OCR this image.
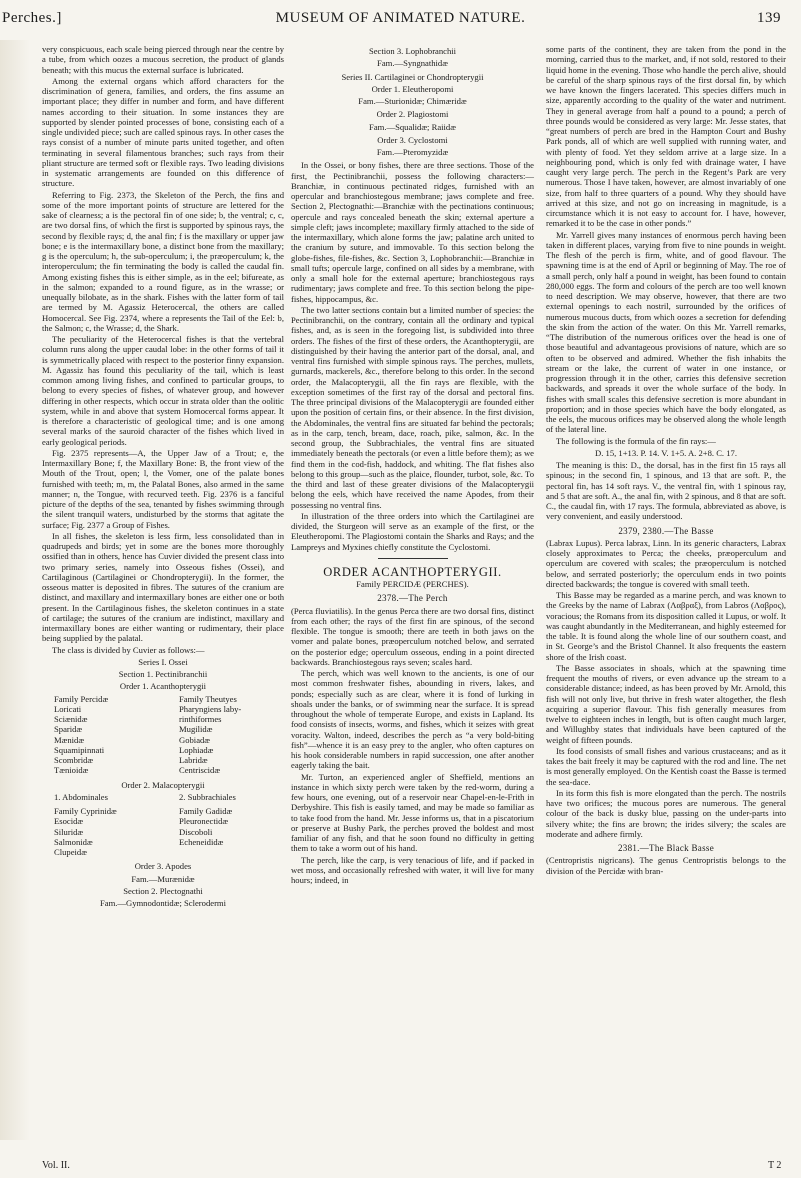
Perches.]	MUSEUM OF ANIMATED NATURE.	139

very conspicuous, each scale being pierced through near the centre by a tube, from which oozes a mucous secretion, the product of glands beneath; with this mucus the external surface is lubricated.

Among the external organs which afford characters for the discrimination of genera, families, and orders, the fins assume an important place; they differ in number and form, and have different names according to their situation. In some instances they are supported by slender pointed processes of bone, consisting each of a single undivided piece; such are called spinous rays. In other cases the rays consist of a number of minute parts united together, and often terminating in several filamentous branches; such rays from their pliant structure are termed soft or flexible rays. Two leading divisions in systematic arrangements are founded on this difference of structure.

Referring to Fig. 2373, the Skeleton of the Perch, the fins and some of the more important points of structure are lettered for the sake of clearness; a is the pectoral fin of one side; b, the ventral; c, c, are two dorsal fins, of which the first is supported by spinous rays, the second by flexible rays; d, the anal fin; f is the maxillary or upper jaw bone; e is the intermaxillary bone, a distinct bone from the maxillary; g is the operculum; h, the sub-operculum; i, the præoperculum; k, the interoperculum; the fin terminating the body is called the caudal fin. Among existing fishes this is either simple, as in the eel; bifureate, as in the salmon; expanded to a round figure, as in the wrasse; or unequally bilobate, as in the shark. Fishes with the latter form of tail are termed by M. Agassiz Heterocercal, the others are called Homocercal. See Fig. 2374, where a represents the Tail of the Eel: b, the Salmon; c, the Wrasse; d, the Shark.

The peculiarity of the Heterocercal fishes is that the vertebral column runs along the upper caudal lobe: in the other forms of tail it is symmetrically placed with respect to the posterior finny expansion. M. Agassiz has found this peculiarity of the tail, which is least common among living fishes, and confined to particular groups, to belong to every species of fishes, of whatever group, and however differing in other respects, which occur in strata older than the oolitic system, while in and above that system Homocercal forms appear. It is therefore a characteristic of geological time; and is one among several marks of the sauroid character of the fishes which lived in early geological periods.

Fig. 2375 represents—A, the Upper Jaw of a Trout; e, the Intermaxillary Bone; f, the Maxillary Bone: B, the front view of the Mouth of the Trout, open; l, the Vomer, one of the palate bones furnished with teeth; m, m, the Palatal Bones, also armed in the same manner; n, the Tongue, with recurved teeth. Fig. 2376 is a fanciful picture of the depths of the sea, tenanted by fishes swimming through the silent tranquil waters, undisturbed by the storms that agitate the surface; Fig. 2377 a Group of Fishes.

In all fishes, the skeleton is less firm, less consolidated than in quadrupeds and birds; yet in some are the bones more thoroughly ossified than in others, hence has Cuvier divided the present class into two primary series, namely into Osseous fishes (Ossei), and Cartilaginous (Cartilaginei or Chondropterygii). In the former, the osseous matter is deposited in fibres. The sutures of the cranium are distinct, and maxillary and intermaxillary bones are either one or both present. In the Cartilaginous fishes, the skeleton continues in a state of cartilage; the sutures of the cranium are indistinct, maxillary and intermaxillary bones are either wanting or rudimentary, their place being supplied by the palatal.

The class is divided by Cuvier as follows:—

Series I. Ossei
Section 1. Pectinibranchii
Order 1. Acanthopterygii
Family Percidæ	Family Theutyes
Loricati	Pharyngiens laby-
Sciænidæ	rinthiformes
Sparidæ	Mugilidæ
Mænidæ	Gobiadæ
Squamipinnati	Lophiadæ
Scombridæ	Labridæ
Tænioidæ	Centriscidæ
Order 2. Malacopterygii
1. Abdominales	2. Subbrachiales
Family Cyprinidæ	Family Gadidæ
Esocidæ	Pleuronectidæ
Siluridæ	Discoboli
Salmonidæ	Echeneididæ
Clupeidæ
Order 3. Apodes
Fam.—Murænidæ
Section 2. Plectognathi
Fam.—Gymnodontidæ; Sclerodermi
Section 3. Lophobranchii
Fam.—Syngnathidæ
Series II. Cartilaginei or Chondropterygii
Order 1. Eleutheropomi
Fam.—Sturionidæ; Chimæridæ
Order 2. Plagiostomi
Fam.—Squalidæ; Raiidæ
Order 3. Cyclostomi
Fam.—Pteromyzidæ

In the Ossei, or bony fishes, there are three sections. Those of the first, the Pectinibranchii, possess the following characters:—Branchiæ, in continuous pectinated ridges, furnished with an opercular and branchiostegous membrane; jaws complete and free. Section 2, Plectognathi:—Branchiæ with the pectinations continuous; opercule and rays concealed beneath the skin; external aperture a simple cleft; jaws incomplete; maxillary firmly attached to the side of the intermaxillary, which alone forms the jaw; palatine arch united to the cranium by suture, and immovable. To this section belong the globe-fishes, file-fishes, &c. Section 3, Lophobranchii:—Branchiæ in small tufts; opercule large, confined on all sides by a membrane, with only a small hole for the external aperture; branchiostegous rays rudimentary; jaws complete and free. To this section belong the pipe-fishes, hippocampus, &c.

The two latter sections contain but a limited number of species: the Pectinibranchii, on the contrary, contain all the ordinary and typical fishes, and, as is seen in the foregoing list, is subdivided into three orders. The fishes of the first of these orders, the Acanthopterygii, are distinguished by their having the anterior part of the dorsal, anal, and ventral fins furnished with simple spinous rays. The perches, mullets, gurnards, mackerels, &c., therefore belong to this order. In the second order, the Malacopterygii, all the fin rays are flexible, with the exception sometimes of the first ray of the dorsal and pectoral fins. The three principal divisions of the Malacopterygii are founded either upon the position of certain fins, or their absence. In the first division, the Abdominales, the ventral fins are situated far behind the pectorals; as in the carp, tench, bream, dace, roach, pike, salmon, &c. In the second group, the Subbrachiales, the ventral fins are situated immediately beneath the pectorals (or even a little before them); as we find them in the cod-fish, haddock, and whiting. The flat fishes also belong to this group—such as the plaice, flounder, turbot, sole, &c. To the third and last of these greater divisions of the Malacopterygii belong the eels, which have received the name Apodes, from their possessing no ventral fins.

In illustration of the three orders into which the Cartilaginei are divided, the Sturgeon will serve as an example of the first, or the Eleutheropomi. The Plagiostomi contain the Sharks and Rays; and the Lampreys and Myxines chiefly constitute the Cyclostomi.

ORDER ACANTHOPTERYGII.
Family PERCIDÆ (PERCHES).
2378.—The Perch

(Perca fluviatilis). In the genus Perca there are two dorsal fins, distinct from each other; the rays of the first fin are spinous, of the second flexible. The tongue is smooth; there are teeth in both jaws on the vomer and palate bones, præoperculum notched below, and serrated on the posterior edge; operculum osseous, ending in a point directed backwards. Branchiostegous rays seven; scales hard.

The perch, which was well known to the ancients, is one of our most common freshwater fishes, abounding in rivers, lakes, and ponds; especially such as are clear, where it is fond of lurking in shoals under the banks, or of swimming near the surface. It is spread throughout the whole of temperate Europe, and exists in Lapland. Its food consists of insects, worms, and fishes, which it seizes with great voracity. Walton, indeed, describes the perch as “a very bold-biting fish”—whence it is an easy prey to the angler, who often captures on his hook considerable numbers in rapid succession, one after another eagerly taking the bait.

Mr. Turton, an experienced angler of Sheffield, mentions an instance in which sixty perch were taken by the red-worm, during a few hours, one evening, out of a reservoir near Chapel-en-le-Frith in Derbyshire. This fish is easily tamed, and may be made so familiar as to take food from the hand. Mr. Jesse informs us, that in a piscatorium or preserve at Bushy Park, the perches proved the boldest and most familiar of any fish, and that he soon found no difficulty in getting them to take a worm out of his hand.

The perch, like the carp, is very tenacious of life, and if packed in wet moss, and occasionally refreshed with water, it will live for many hours; indeed, in

some parts of the continent, they are taken from the pond in the morning, carried thus to the market, and, if not sold, restored to their liquid home in the evening. Those who handle the perch alive, should be careful of the sharp spinous rays of the first dorsal fin, by which we have known the fingers lacerated. This species differs much in size, apparently according to the quality of the water and nutriment. They in general average from half a pound to a pound; a perch of three pounds would be considered as very large: Mr. Jesse states, that “great numbers of perch are bred in the Hampton Court and Bushy Park ponds, all of which are well supplied with running water, and with plenty of food. Yet they seldom arrive at a large size. In a neighbouring pond, which is only fed with drainage water, I have caught very large perch. The perch in the Regent’s Park are very numerous. Those I have taken, however, are almost invariably of one size, from half to three quarters of a pound. Why they should have arrived at this size, and not go on increasing in magnitude, is a circumstance which it is not easy to account for. I have, however, remarked it to be the case in other ponds.”

Mr. Yarrell gives many instances of enormous perch having been taken in different places, varying from five to nine pounds in weight. The flesh of the perch is firm, white, and of good flavour. The spawning time is at the end of April or beginning of May. The roe of a small perch, only half a pound in weight, has been found to contain 280,000 eggs. The form and colours of the perch are too well known to need description. We may observe, however, that there are two external openings to each nostril, surrounded by the orifices of numerous mucous ducts, from which oozes a secretion for defending the skin from the action of the water. On this Mr. Yarrell remarks, “The distribution of the numerous orifices over the head is one of those beautiful and advantageous provisions of nature, which are so often to be observed and admired. Whether the fish inhabits the stream or the lake, the current of water in one instance, or progression through it in the other, carries this defensive secretion backwards, and spreads it over the whole surface of the body. In fishes with small scales this defensive secretion is more abundant in proportion; and in those species which have the body elongated, as the eels, the mucous orifices may be observed along the whole length of the lateral line.

The following is the formula of the fin rays:—

D. 15, 1+13. P. 14. V. 1+5. A. 2+8. C. 17.

The meaning is this: D., the dorsal, has in the first fin 15 rays all spinous; in the second fin, 1 spinous, and 13 that are soft. P., the pectoral fin, has 14 soft rays. V., the ventral fin, with 1 spinous ray, and 5 that are soft. A., the anal fin, with 2 spinous, and 8 that are soft. C., the caudal fin, with 17 rays. The formula, abbreviated as above, is very convenient, and easily understood.

2379, 2380.—The Basse

(Labrax Lupus). Perca labrax, Linn. In its generic characters, Labrax closely approximates to Perca; the cheeks, præoperculum and operculum are covered with scales; the præoperculum is notched below, and serrated posteriorly; the operculum ends in two points directed backwards; the tongue is covered with small teeth.

This Basse may be regarded as a marine perch, and was known to the Greeks by the name of Labrax (Λαβραξ), from Labros (Λαβρος), voracious; the Romans from its disposition called it Lupus, or wolf. It was caught abundantly in the Mediterranean, and highly esteemed for the table. It is found along the whole line of our southern coast, and in St. George’s and the Bristol Channel. It also frequents the eastern shore of the Irish coast.

The Basse associates in shoals, which at the spawning time frequent the mouths of rivers, or even advance up the stream to a considerable distance; indeed, as has been proved by Mr. Arnold, this fish will not only live, but thrive in fresh water altogether, the flesh acquiring a superior flavour. This fish generally measures from twelve to eighteen inches in length, but is often caught much larger, and Willughby states that individuals have been captured of the weight of fifteen pounds.

Its food consists of small fishes and various crustaceans; and as it takes the bait freely it may be captured with the rod and line. The net is most generally employed. On the Kentish coast the Basse is termed the sea-dace.

In its form this fish is more elongated than the perch. The nostrils have two orifices; the mucous pores are numerous. The general colour of the back is dusky blue, passing on the under-parts into silvery white; the fins are brown; the irides silvery; the scales are moderate and adhere firmly.

2381.—The Black Basse

(Centropristis nigricans). The genus Centropristis belongs to the division of the Percidæ with bran-

Vol. II.	T 2
